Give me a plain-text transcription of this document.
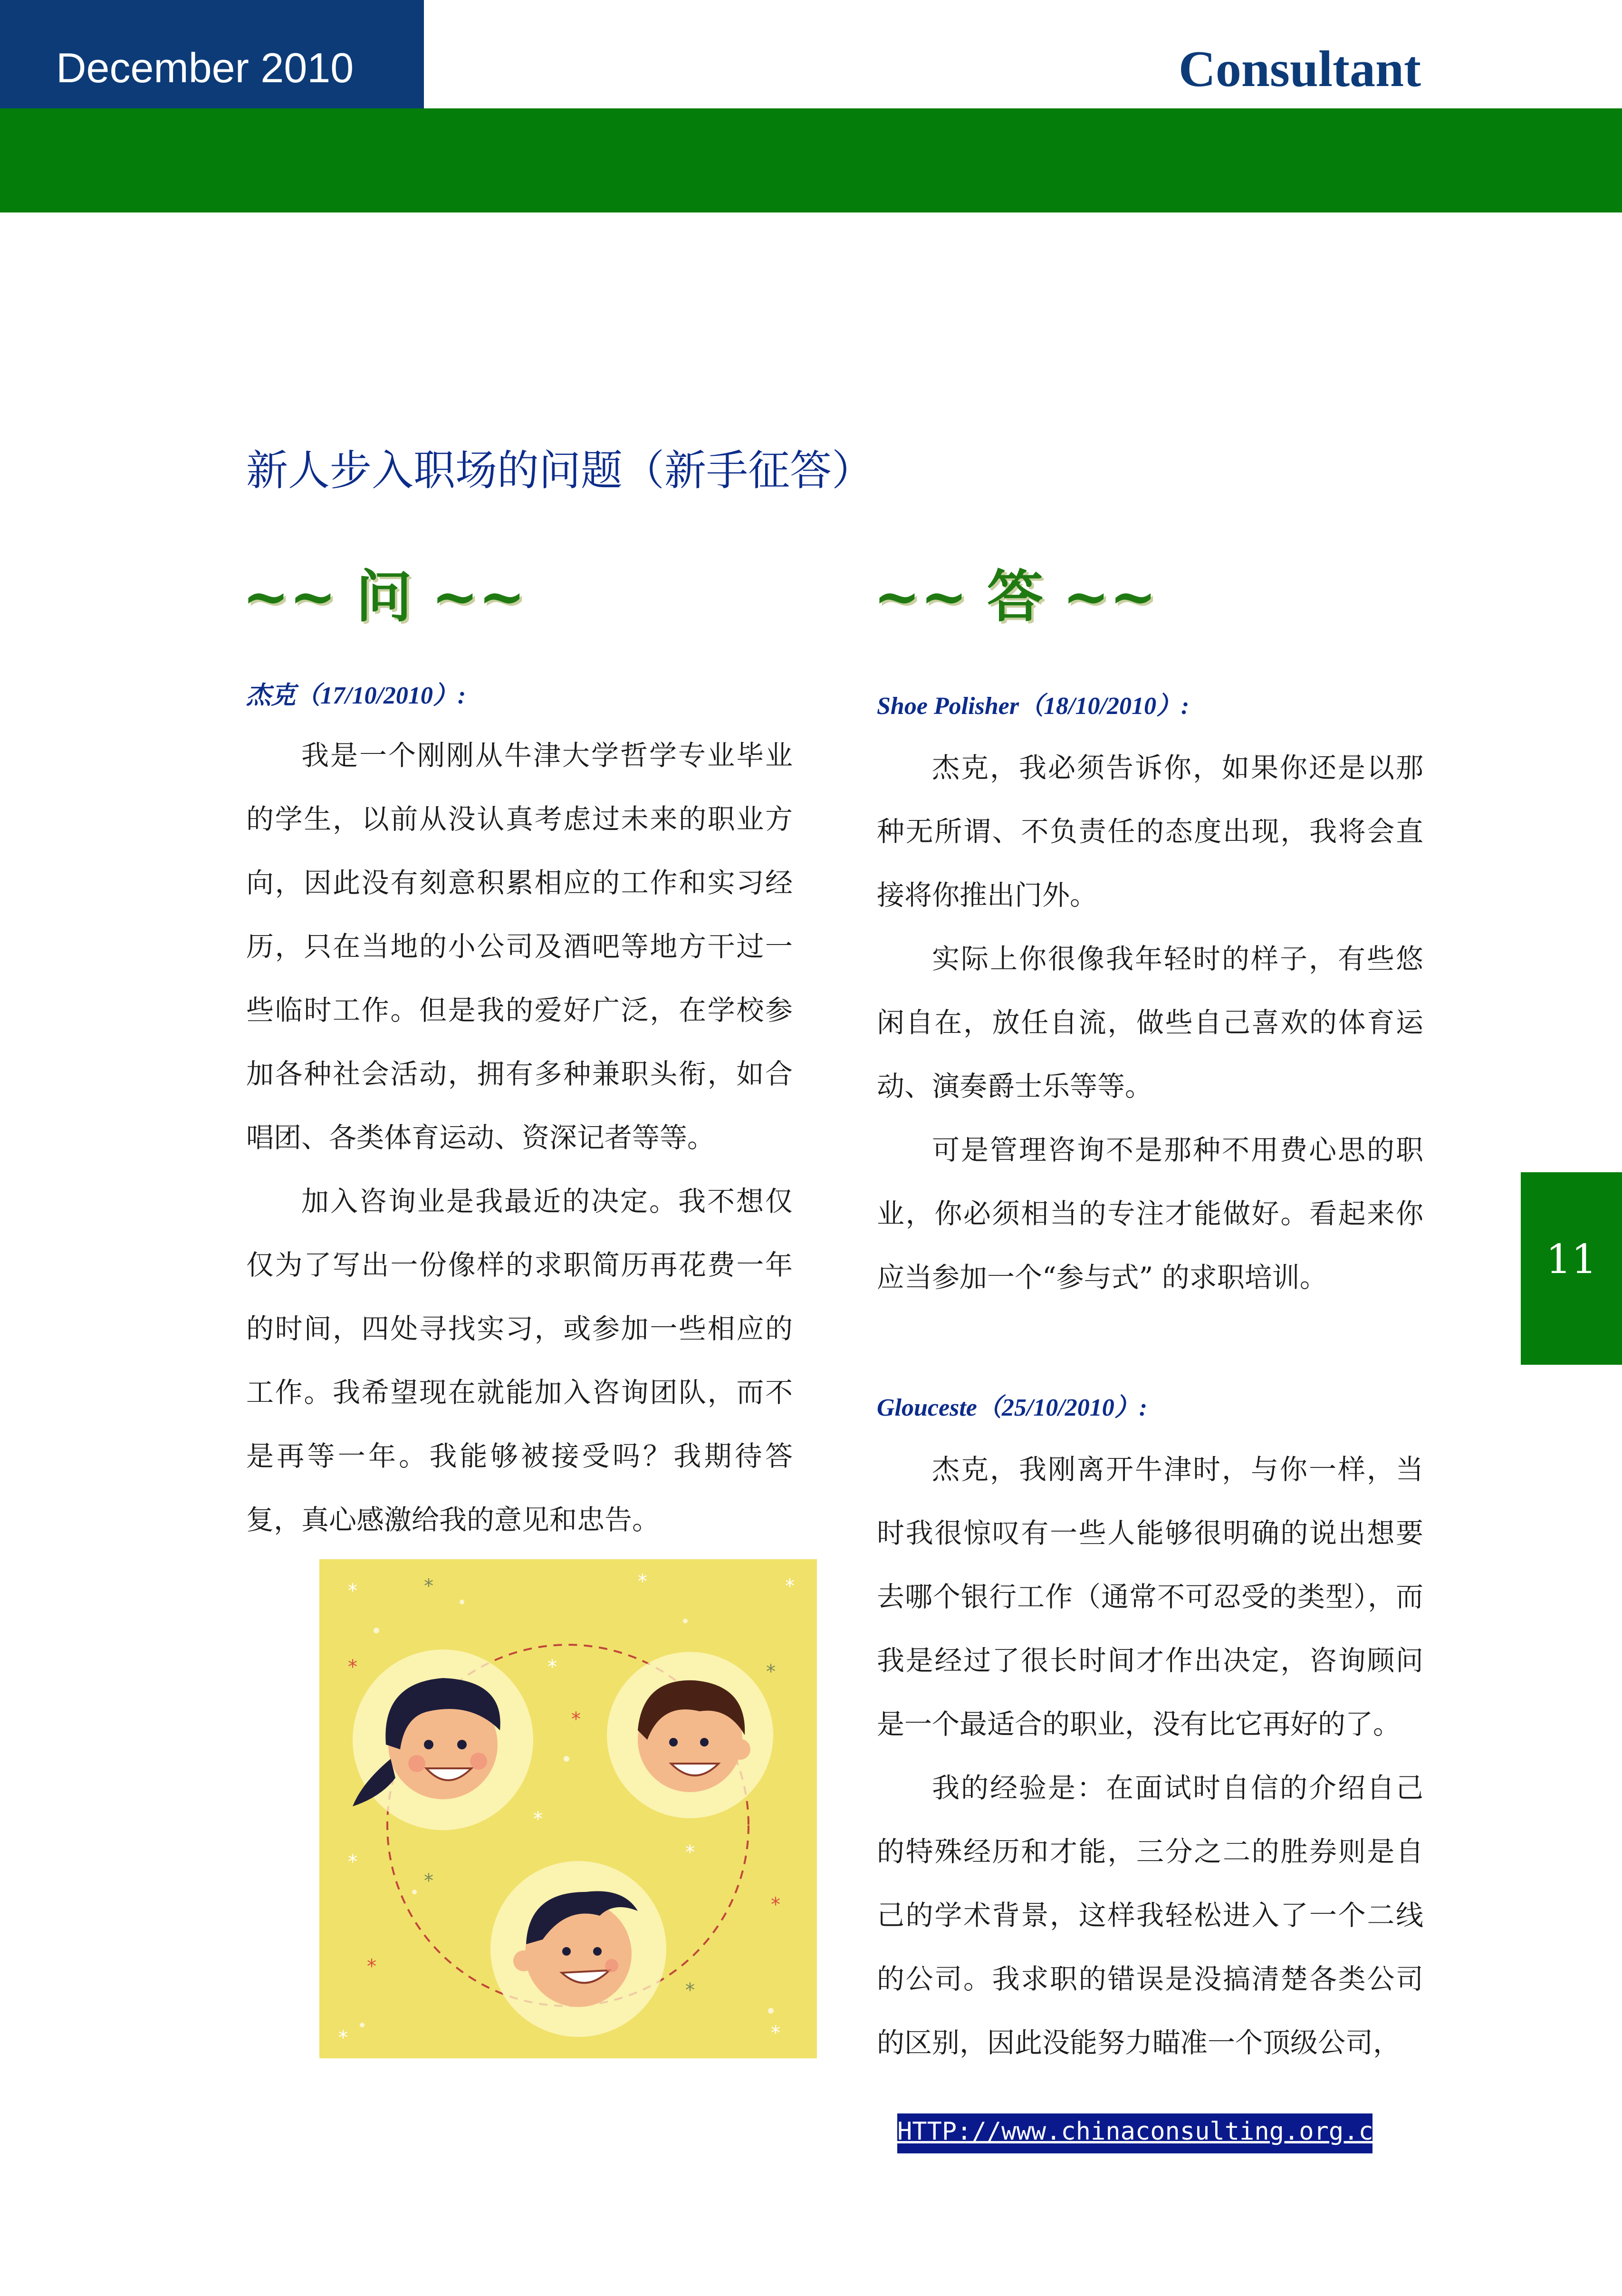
December 2010	Consultant
新人步入职场的问题（新手征答）
~~ 问 ~~	~~ 答 ~~
杰克（17/10/2010）:

我是一个刚刚从牛津大学哲学专业毕业的学生，以前从没认真考虑过未来的职业方向，因此没有刻意积累相应的工作和实习经历，只在当地的小公司及酒吧等地方干过一些临时工作。但是我的爱好广泛，在学校参加各种社会活动，拥有多种兼职头衔，如合唱团、各类体育运动、资深记者等等。

加入咨询业是我最近的决定。我不想仅仅为了写出一份像样的求职简历再花费一年的时间，四处寻找实习，或参加一些相应的工作。我希望现在就能加入咨询团队，而不是再等一年。我能够被接受吗？我期待答复，真心感激给我的意见和忠告。

Shoe Polisher（18/10/2010）:

杰克，我必须告诉你，如果你还是以那种无所谓、不负责任的态度出现，我将会直接将你推出门外。

实际上你很像我年轻时的样子，有些悠闲自在，放任自流，做些自己喜欢的体育运动、演奏爵士乐等等。

可是管理咨询不是那种不用费心思的职业，你必须相当的专注才能做好。看起来你应当参加一个“参与式” 的求职培训。

Glouceste（25/10/2010）:

杰克，我刚离开牛津时，与你一样，当时我很惊叹有一些人能够很明确的说出想要去哪个银行工作（通常不可忍受的类型），而我是经过了很长时间才作出决定，咨询顾问是一个最适合的职业，没有比它再好的了。

我的经验是：在面试时自信的介绍自己的特殊经历和才能，三分之二的胜券则是自己的学术背景，这样我轻松进入了一个二线的公司。我求职的错误是没搞清楚各类公司的区别，因此没能努力瞄准一个顶级公司，

11
*	*	*	*
*	*	*
*
*
*
*
*
*
*
*
*
*
HTTP://www.chinaconsulting.org.cn
